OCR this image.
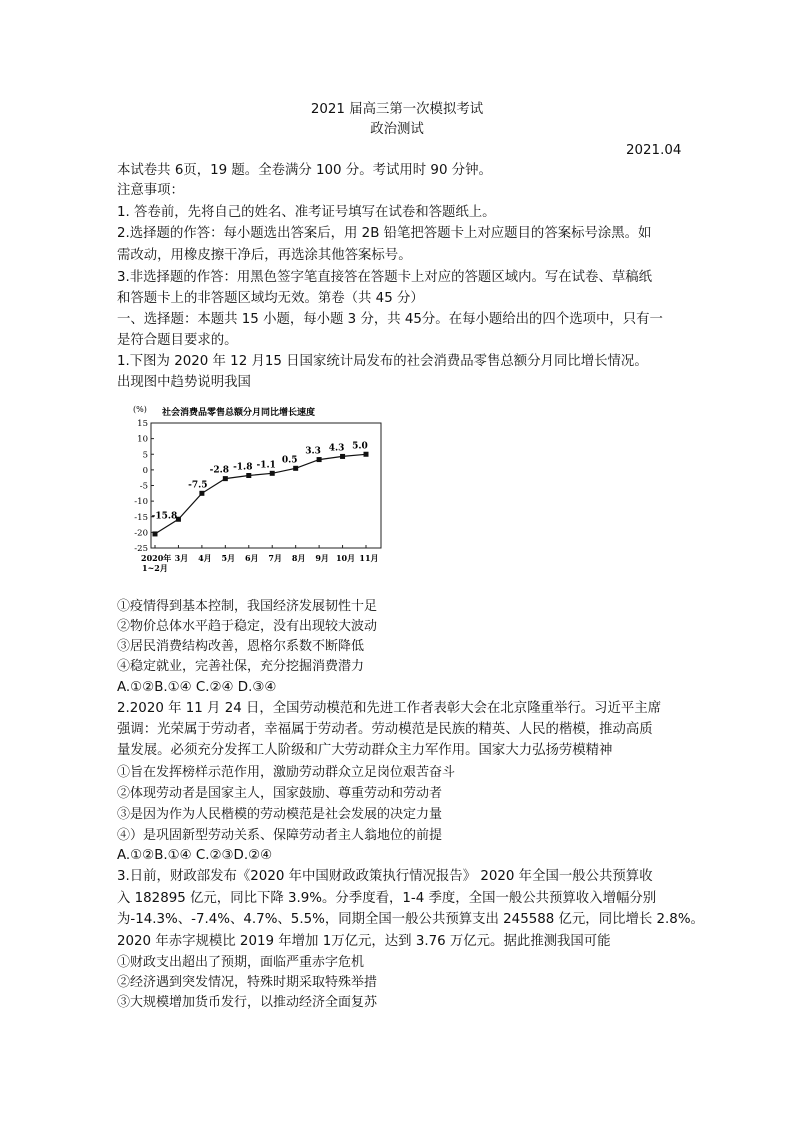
2021 届高三第一次模拟考试
政治测试
2021.04
本试卷共 6页，19 题。全卷满分 100 分。考试用时 90 分钟。
注意事项：
1. 答卷前，先将自己的姓名、准考证号填写在试卷和答题纸上。
2.选择题的作答：每小题选出答案后，用 2B 铅笔把答题卡上对应题目的答案标号涂黑。如
需改动，用橡皮擦干净后，再选涂其他答案标号。
3.非选择题的作答：用黑色签字笔直接答在答题卡上对应的答题区域内。写在试卷、草稿纸
和答题卡上的非答题区域均无效。第卷（共 45 分）
一、选择题：本题共 15 小题，每小题 3 分，共 45分。在每小题给出的四个选项中，只有一
是符合题目要求的。
1.下图为 2020 年 12 月15 日国家统计局发布的社会消费品零售总额分月同比增长情况。
出现图中趋势说明我国
(%) 社会消费品零售总额分月同比增长速度
15
10
5
0
-5
-10
-15
-20
-25
2020年
1~2月
3月 4月 5月 6月 7月 8月 9月 10月 11月
-15.8
-7.5
-2.8 -1.8 -1.1 0.5
3.3 4.3 5.0
①疫情得到基本控制，我国经济发展韧性十足
②物价总体水平趋于稳定，没有出现较大波动
③居民消费结构改善，恩格尔系数不断降低
④稳定就业，完善社保，充分挖掘消费潜力
A.①②B.①④ C.②④ D.③④
2.2020 年 11 月 24 日，全国劳动模范和先进工作者表彰大会在北京隆重举行。习近平主席
强调：光荣属于劳动者，幸福属于劳动者。劳动模范是民族的精英、人民的楷模，推动高质
量发展。必须充分发挥工人阶级和广大劳动群众主力军作用。国家大力弘扬劳模精神
①旨在发挥榜样示范作用，激励劳动群众立足岗位艰苦奋斗
②体现劳动者是国家主人，国家鼓励、尊重劳动和劳动者
③是因为作为人民楷模的劳动模范是社会发展的决定力量
④）是巩固新型劳动关系、保障劳动者主人翁地位的前提
A.①②B.①④ C.②③D.②④
3.日前，财政部发布《2020 年中国财政政策执行情况报告》 2020 年全国一般公共预算收
入 182895 亿元，同比下降 3.9%。分季度看，1-4 季度，全国一般公共预算收入增幅分别
为-14.3%、-7.4%、4.7%、5.5%，同期全国一般公共预算支出 245588 亿元，同比增长 2.8%。
2020 年赤字规模比 2019 年增加 1万亿元，达到 3.76 万亿元。据此推测我国可能
①财政支出超出了预期，面临严重赤字危机
②经济遇到突发情况，特殊时期采取特殊举措
③大规模增加货币发行，以推动经济全面复苏
